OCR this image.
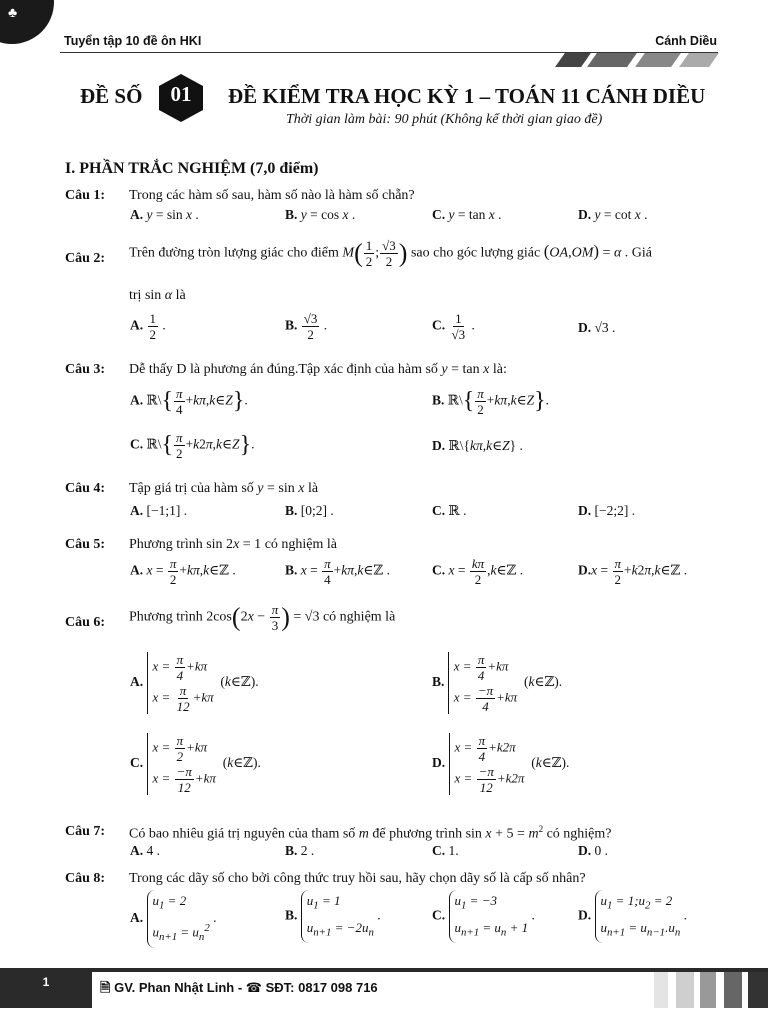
♣
Tuyển tập 10 đề ôn HKI	Cánh Diều
ĐỀ SỐ	01	ĐỀ KIỂM TRA HỌC KỲ 1 – TOÁN 11 CÁNH DIỀU
Thời gian làm bài: 90 phút (Không kể thời gian giao đề)
I. PHẦN TRẮC NGHIỆM (7,0 điểm)
Câu 1: Trong các hàm số sau, hàm số nào là hàm số chẵn?
A. y = sin x .	B. y = cos x .	C. y = tan x .	D. y = cot x .
Câu 2: Trên đường tròn lượng giác cho điểm $M( \frac{1}{2}$ ; $\frac{√3}{2}$ ) sao cho góc lượng giác (OA,OM) = α . Giá
trị sin α là
A. $\frac{1}{2}$ .	B. $\frac{√3}{2}$ .	C. $\frac{1}{√3}$ .	D. √3 .
Câu 3: Dễ thấy D là phương án đúng.Tập xác định của hàm số y = tan x là:
A. ℝ\{ $\frac{\pi}{4}$ +kπ,k∈Z}.	B. ℝ\{ $\frac{\pi}{2}$ +kπ,k∈Z}.
C. ℝ\{ $\frac{\pi}{2}$ +k2π,k∈Z}.	D. ℝ\{kπ,k∈Z} .
Câu 4: Tập giá trị của hàm số y = sin x là
A. [−1;1] .	B. [0;2] .	C. ℝ .	D. [−2;2] .
Câu 5: Phương trình sin 2x = 1 có nghiệm là
A. $x = \frac{\pi}{2}$ +kπ,k∈ℤ .	B. $x = \frac{\pi}{4}$ +kπ,k∈ℤ .	C. $x = \frac{k\pi}{2}$ ,k∈ℤ .	$D.x = \frac{\pi}{2}$ +k2π,k∈ℤ .
Câu 6: Phương trình $2\cos(2x - \frac{\pi}{3}$ ) = √3 có nghiệm là
A.
$x = \frac{\pi}{4} +k\pi$
$x = \frac{\pi}{12} +k\pi$
(k∈ℤ).	B.
$x = \frac{\pi}{4} +k\pi$
$x = \frac{-\pi}{4} +k\pi$
(k∈ℤ).
C.
$x = \frac{\pi}{2} +k\pi$
$x = \frac{-\pi}{12} +k\pi$
(k∈ℤ).	D.
$x = \frac{\pi}{4} +k2\pi$
$x = \frac{-\pi}{12} +k2\pi$
(k∈ℤ).
Câu 7: Có bao nhiêu giá trị nguyên của tham số m để phương trình $\sin x + 5 = m^2$ có nghiệm?
A. 4 .	B. 2 .	C. 1.	D. 0 .
Câu 8: Trong các dãy số cho bởi công thức truy hồi sau, hãy chọn dãy số là cấp số nhân?
A.
$u_1 = 2$
$u_{n+1} = u_n^2$
.	B.
$u_1 = 1$
$u_{n+1} = -2u_n$
.	C.
$u_1 = -3$
$u_{n+1} = u_n + 1$
.	D.
$u_1$ = $1;u_2 = 2$
$u_{n+1} = u_{n-1}.u_n$
.
1	🗎 GV. Phan Nhật Linh - ☎ SĐT: 0817 098 716
